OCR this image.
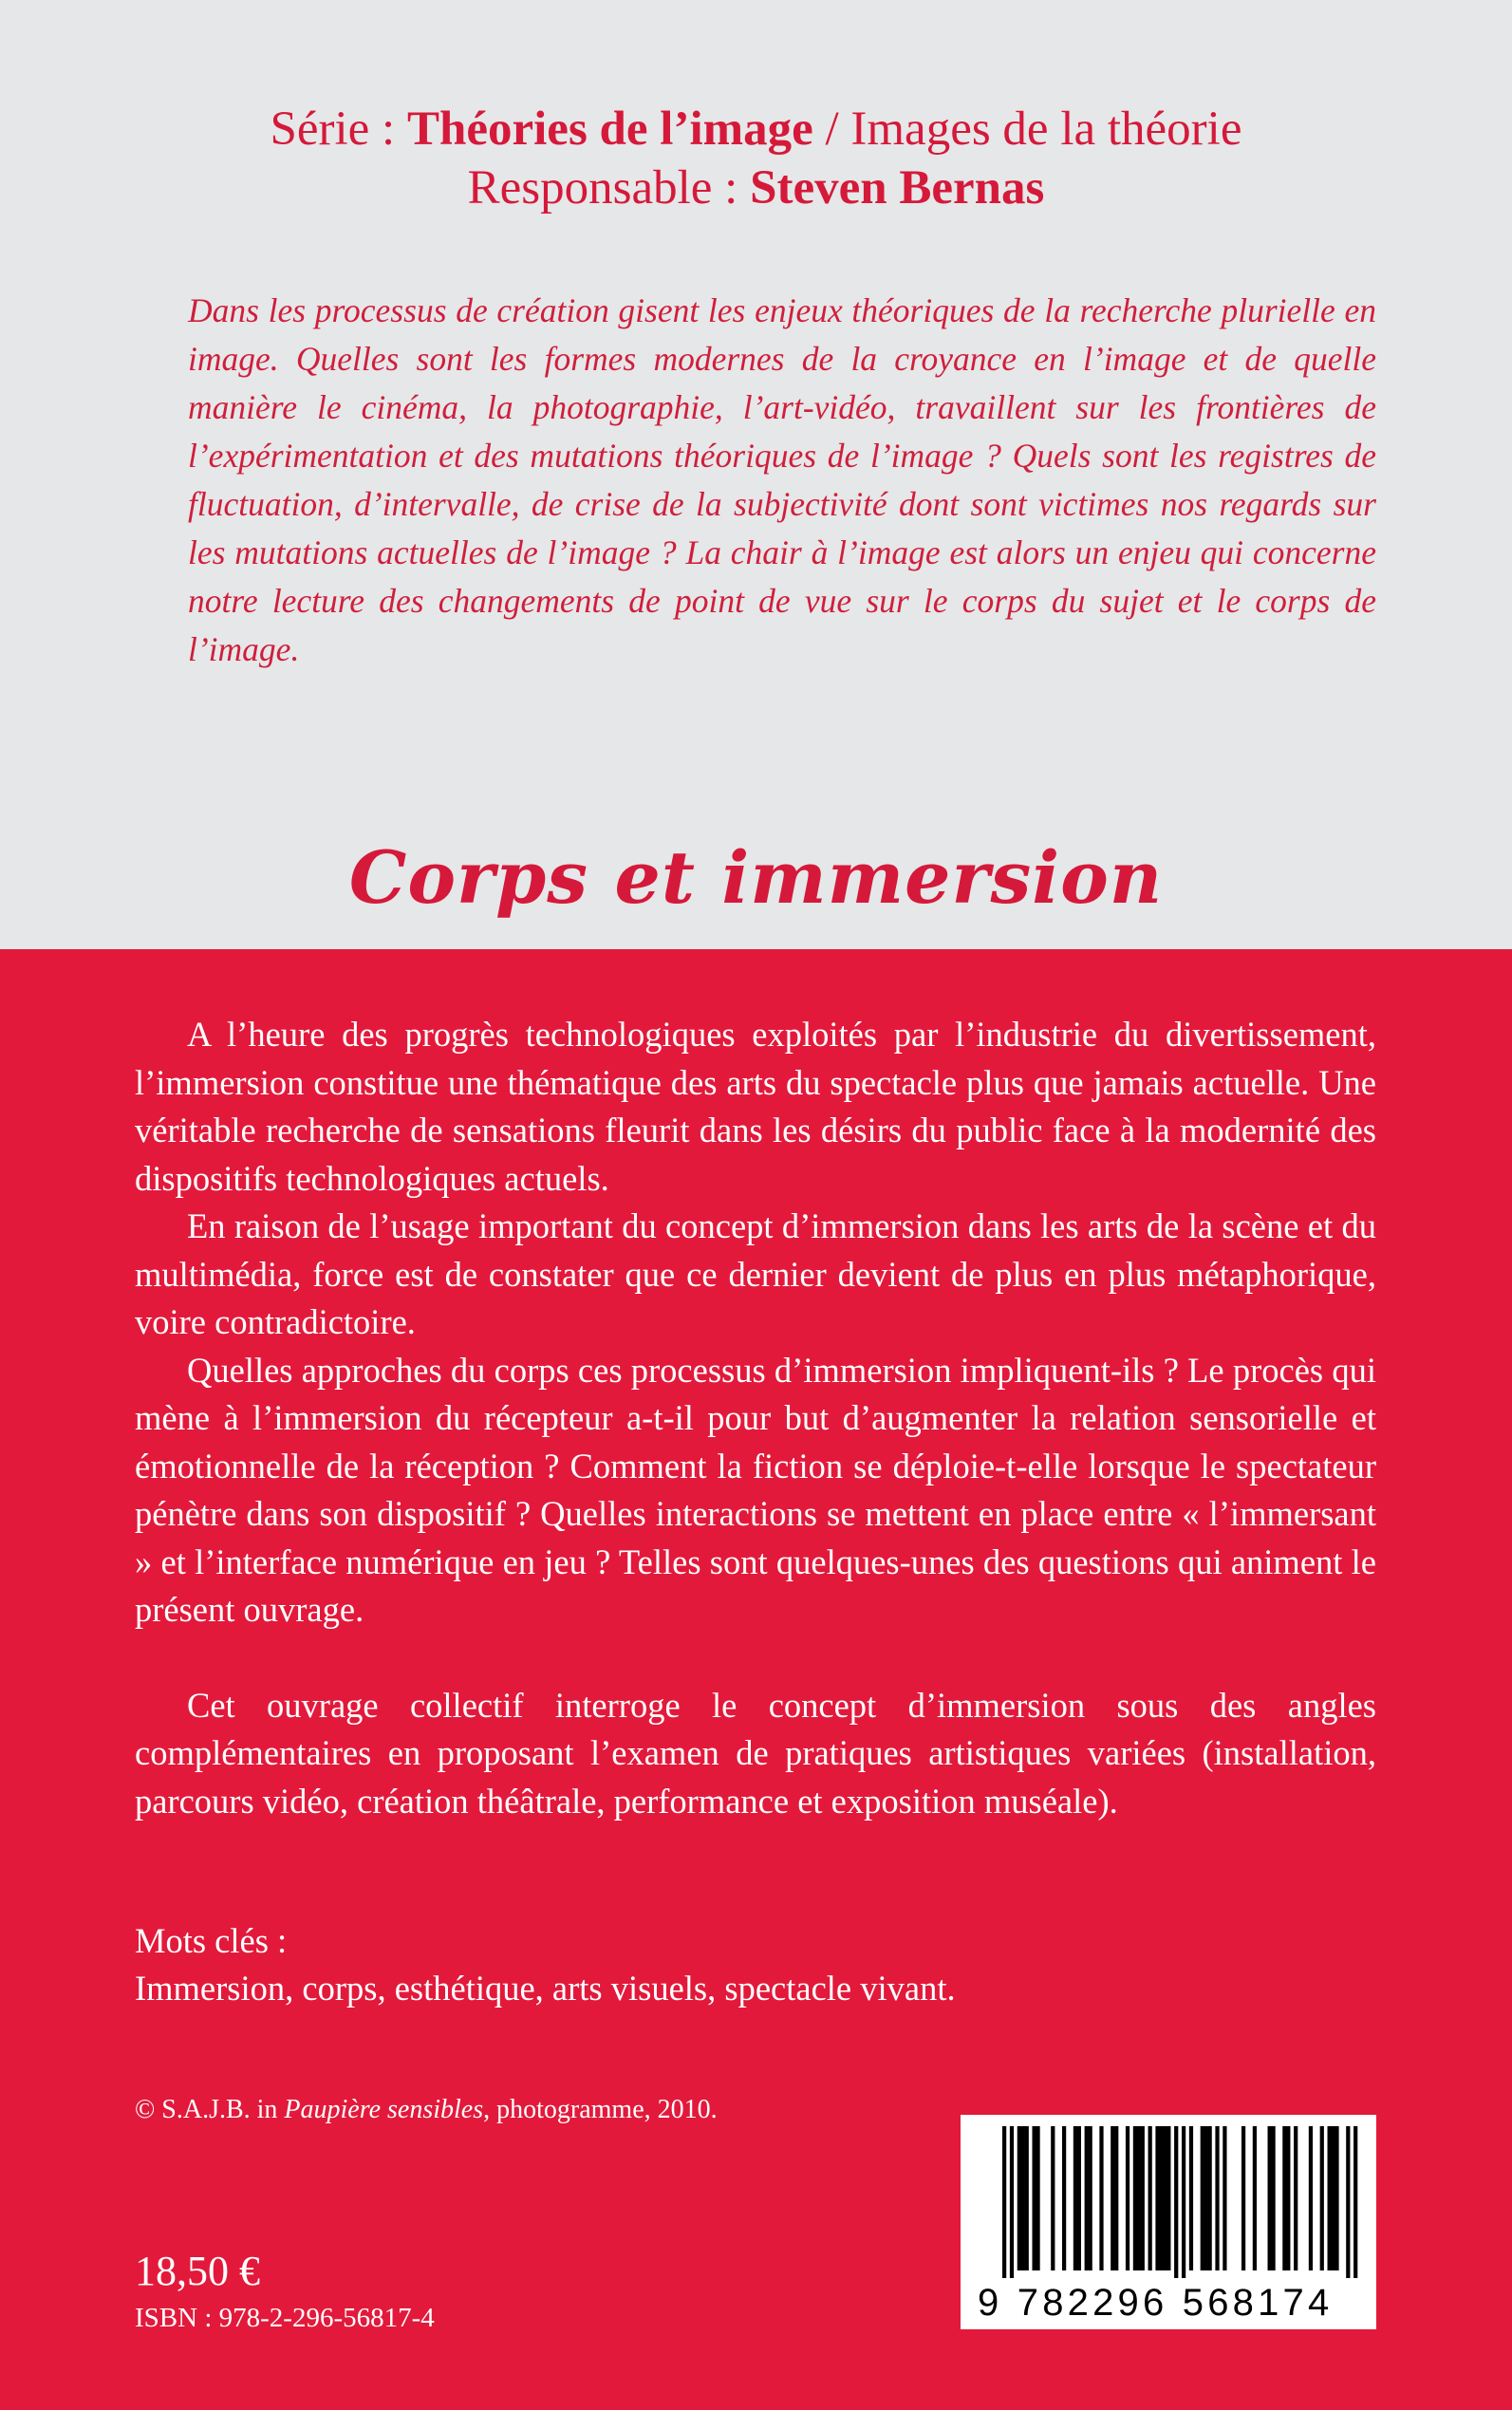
Série : Théories de l’image / Images de la théorie
Responsable : Steven Bernas
Dans les processus de création gisent les enjeux théoriques de la recherche plurielle en image. Quelles sont les formes modernes de la croyance en l’image et de quelle manière le cinéma, la photographie, l’art-vidéo, travaillent sur les frontières de l’expérimentation et des mutations théoriques de l’image ? Quels sont les registres de fluctuation, d’intervalle, de crise de la subjectivité dont sont victimes nos regards sur les mutations actuelles de l’image ? La chair à l’image est alors un enjeu qui concerne notre lecture des changements de point de vue sur le corps du sujet et le corps de l’image.
Corps et immersion

A l’heure des progrès technologiques exploités par l’industrie du divertissement, l’immersion constitue une thématique des arts du spectacle plus que jamais actuelle. Une véritable recherche de sensations fleurit dans les désirs du public face à la modernité des dispositifs technologiques actuels.

En raison de l’usage important du concept d’immersion dans les arts de la scène et du multimédia, force est de constater que ce dernier devient de plus en plus métaphorique, voire contradictoire.

Quelles approches du corps ces processus d’immersion impliquent-ils ? Le procès qui mène à l’immersion du récepteur a-t-il pour but d’augmenter la relation sensorielle et émotionnelle de la réception ? Comment la fiction se déploie-t-elle lorsque le spectateur pénètre dans son dispositif ? Quelles interactions se mettent en place entre « l’immersant » et l’interface numérique en jeu ? Telles sont quelques-unes des questions qui animent le présent ouvrage.

Cet ouvrage collectif interroge le concept d’immersion sous des angles complémentaires en proposant l’examen de pratiques artistiques variées (installation, parcours vidéo, création théâtrale, performance et exposition muséale).

Mots clés :
Immersion, corps, esthétique, arts visuels, spectacle vivant.
© S.A.J.B. in Paupière sensibles, photogramme, 2010.
18,50 €
ISBN : 978-2-296-56817-4	9 782296 568174
